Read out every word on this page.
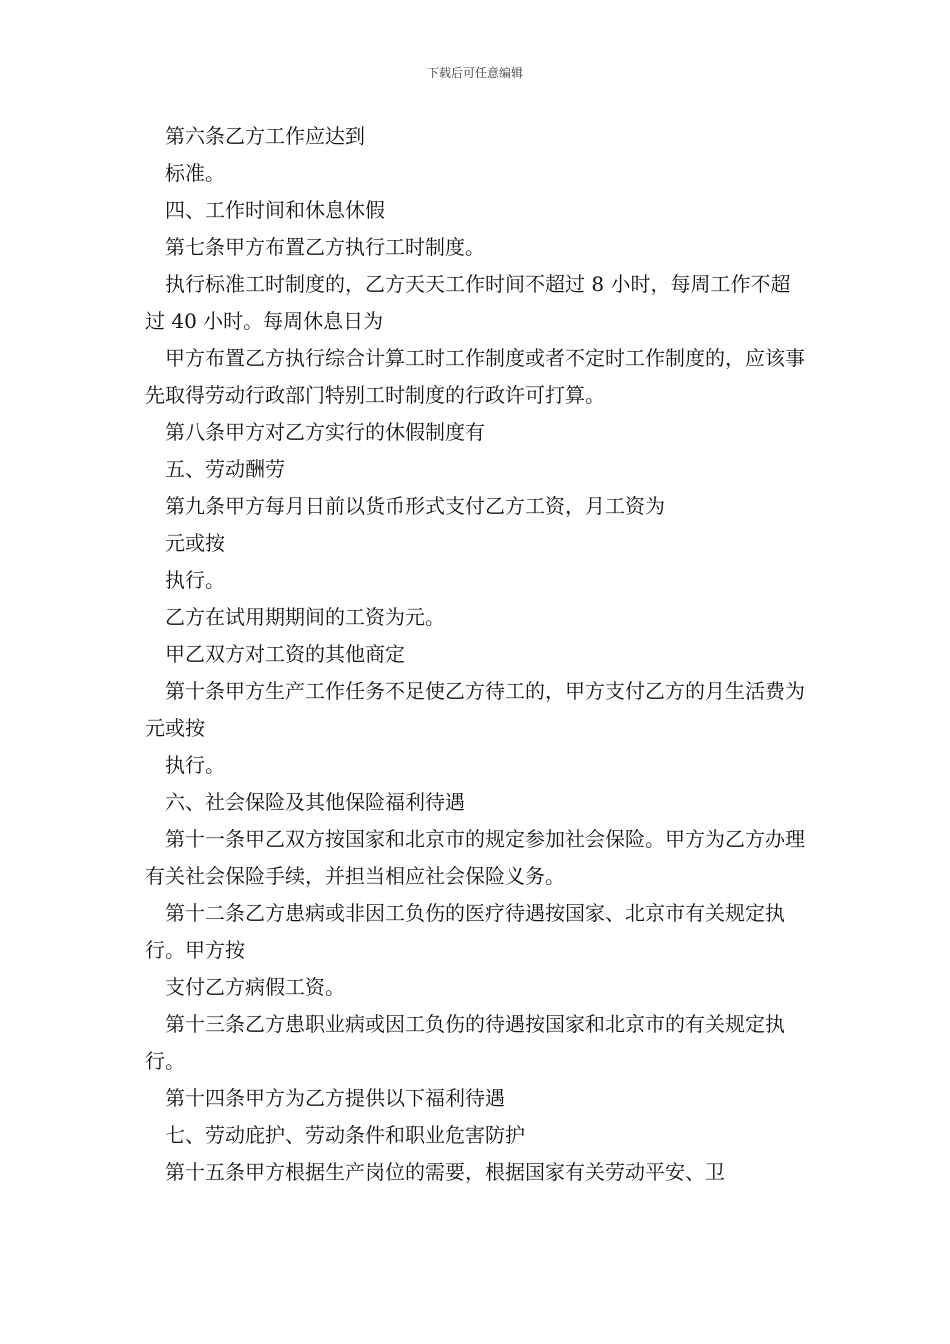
下载后可任意编辑

第六条乙方工作应达到

标准。

四、工作时间和休息休假

第七条甲方布置乙方执行工时制度。

执行标准工时制度的，乙方天天工作时间不超过 8 小时，每周工作不超过 40 小时。每周休息日为

甲方布置乙方执行综合计算工时工作制度或者不定时工作制度的，应该事先取得劳动行政部门特别工时制度的行政许可打算。

第八条甲方对乙方实行的休假制度有

五、劳动酬劳

第九条甲方每月日前以货币形式支付乙方工资，月工资为

元或按

执行。

乙方在试用期期间的工资为元。

甲乙双方对工资的其他商定

第十条甲方生产工作任务不足使乙方待工的，甲方支付乙方的月生活费为元或按

执行。

六、社会保险及其他保险福利待遇

第十一条甲乙双方按国家和北京市的规定参加社会保险。甲方为乙方办理有关社会保险手续，并担当相应社会保险义务。

第十二条乙方患病或非因工负伤的医疗待遇按国家、北京市有关规定执行。甲方按

支付乙方病假工资。

第十三条乙方患职业病或因工负伤的待遇按国家和北京市的有关规定执行。

第十四条甲方为乙方提供以下福利待遇

七、劳动庇护、劳动条件和职业危害防护

第十五条甲方根据生产岗位的需要，根据国家有关劳动平安、卫
